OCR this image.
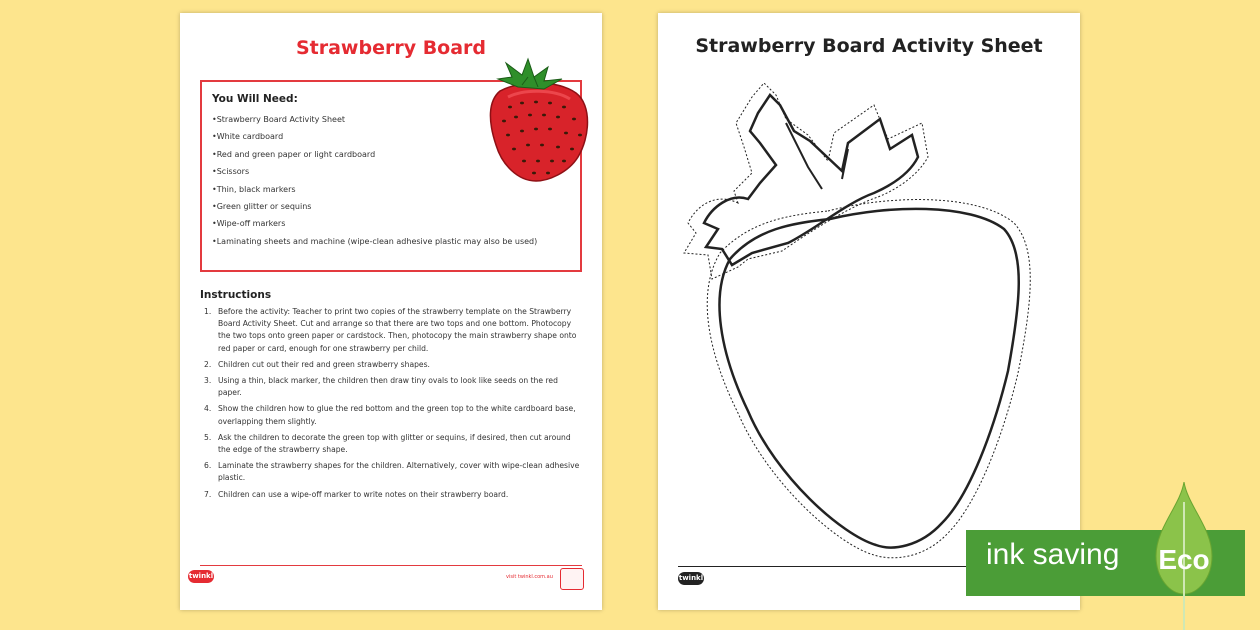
Strawberry Board
You Will Need:
• Strawberry Board Activity Sheet
• White cardboard
• Red and green paper or light cardboard
• Scissors
• Thin, black markers
• Green glitter or sequins
• Wipe-off markers
• Laminating sheets and machine (wipe-clean adhesive plastic may also be used)
Instructions
1. Before the activity: Teacher to print two copies of the strawberry template on the Strawberry Board Activity Sheet. Cut and arrange so that there are two tops and one bottom. Photocopy the two tops onto green paper or cardstock. Then, photocopy the main strawberry shape onto red paper or card, enough for one strawberry per child.
2. Children cut out their red and green strawberry shapes.
3. Using a thin, black marker, the children then draw tiny ovals to look like seeds on the red paper.
4. Show the children how to glue the red bottom and the green top to the white cardboard base, overlapping them slightly.
5. Ask the children to decorate the green top with glitter or sequins, if desired, then cut around the edge of the strawberry shape.
6. Laminate the strawberry shapes for the children. Alternatively, cover with wipe-clean adhesive plastic.
7. Children can use a wipe-off marker to write notes on their strawberry board.
twinkl	visit twinkl.com.au
Strawberry Board Activity Sheet
twinkl
ink saving Eco
